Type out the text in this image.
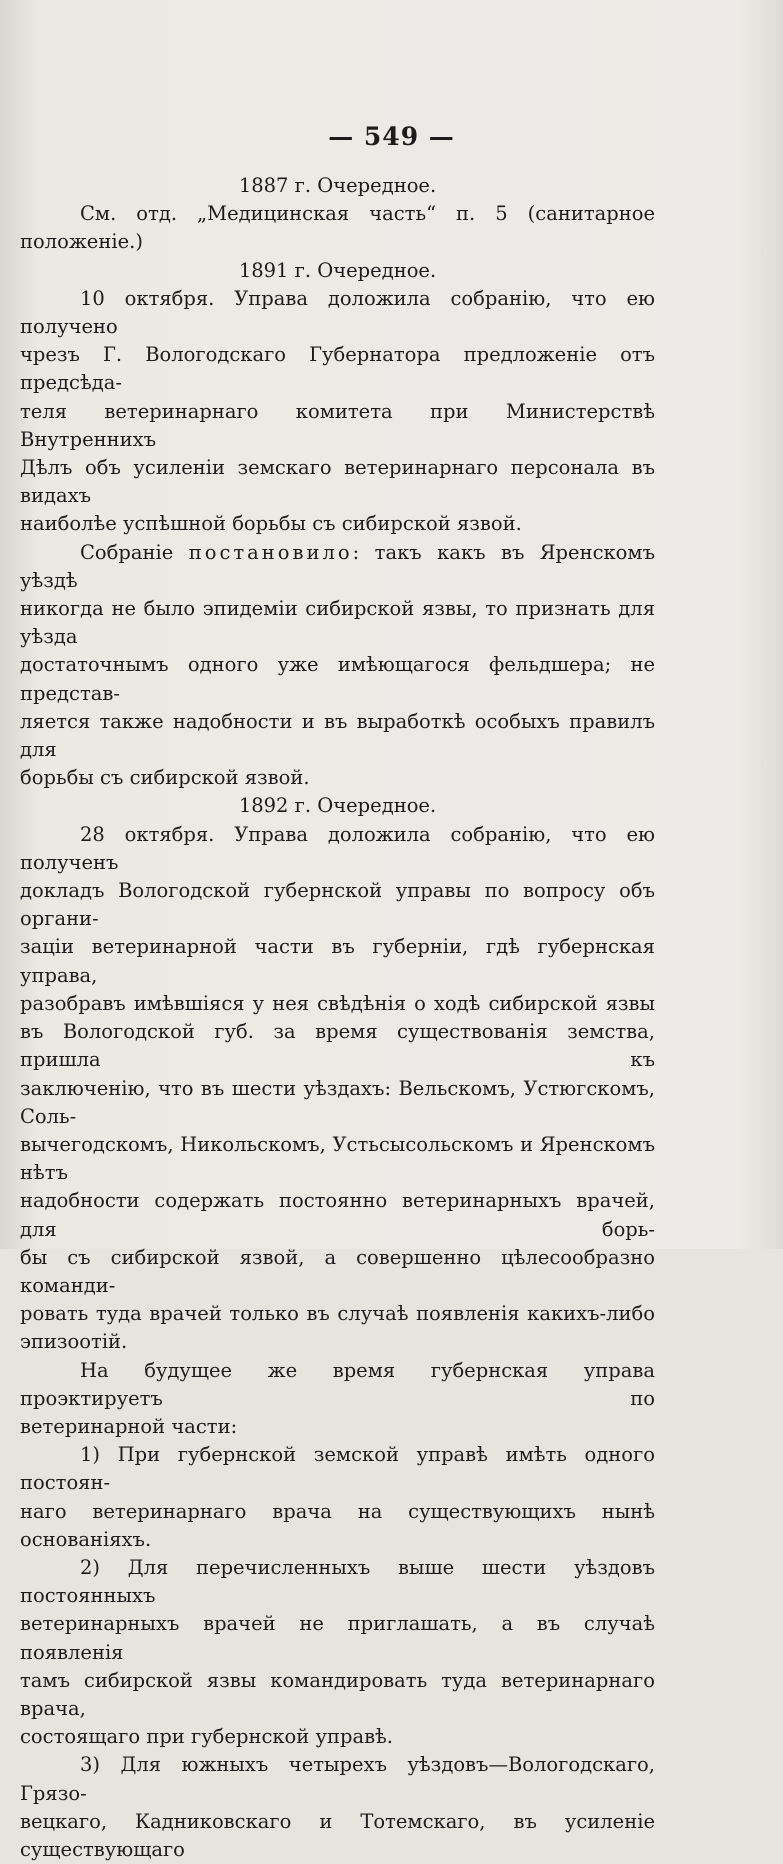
— 549 —

1887 г. Очередное.

См. отд. „Медицинская часть“ п. 5 (санитарное положеніе.)

1891 г. Очередное.

10 октября. Управа доложила собранію, что ею получено

чрезъ Г. Вологодскаго Губернатора предложеніе отъ предсѣда-

теля ветеринарнаго комитета при Министерствѣ Внутреннихъ

Дѣлъ объ усиленіи земскаго ветеринарнаго персонала въ видахъ

наиболѣе успѣшной борьбы съ сибирской язвой.

Собраніе постановило: такъ какъ въ Яренскомъ уѣздѣ

никогда не было эпидеміи сибирской язвы, то признать для уѣзда

достаточнымъ одного уже имѣющагося фельдшера; не представ-

ляется также надобности и въ выработкѣ особыхъ правилъ для

борьбы съ сибирской язвой.

1892 г. Очередное.

28 октября. Управа доложила собранію, что ею полученъ

докладъ Вологодской губернской управы по вопросу объ органи-

заціи ветеринарной части въ губерніи, гдѣ губернская управа,

разобравъ имѣвшіяся у нея свѣдѣнія о ходѣ сибирской язвы

въ Вологодской губ. за время существованія земства, пришла къ

заключенію, что въ шести уѣздахъ: Вельскомъ, Устюгскомъ, Соль-

вычегодскомъ, Никольскомъ, Устьсысольскомъ и Яренскомъ нѣтъ

надобности содержать постоянно ветеринарныхъ врачей, для борь-

бы съ сибирской язвой, а совершенно цѣлесообразно команди-

ровать туда врачей только въ случаѣ появленія какихъ-либо

эпизоотій.

На будущее же время губернская управа проэктируетъ по

ветеринарной части:

1) При губернской земской управѣ имѣть одного постоян-

наго ветеринарнаго врача на существующихъ нынѣ основаніяхъ.

2) Для перечисленныхъ выше шести уѣздовъ постоянныхъ

ветеринарныхъ врачей не приглашать, а въ случаѣ появленія

тамъ сибирской язвы командировать туда ветеринарнаго врача,

состоящаго при губернской управѣ.

3) Для южныхъ четырехъ уѣздовъ—Вологодскаго, Грязо-

вецкаго, Кадниковскаго и Тотемскаго, въ усиленіе существующаго
